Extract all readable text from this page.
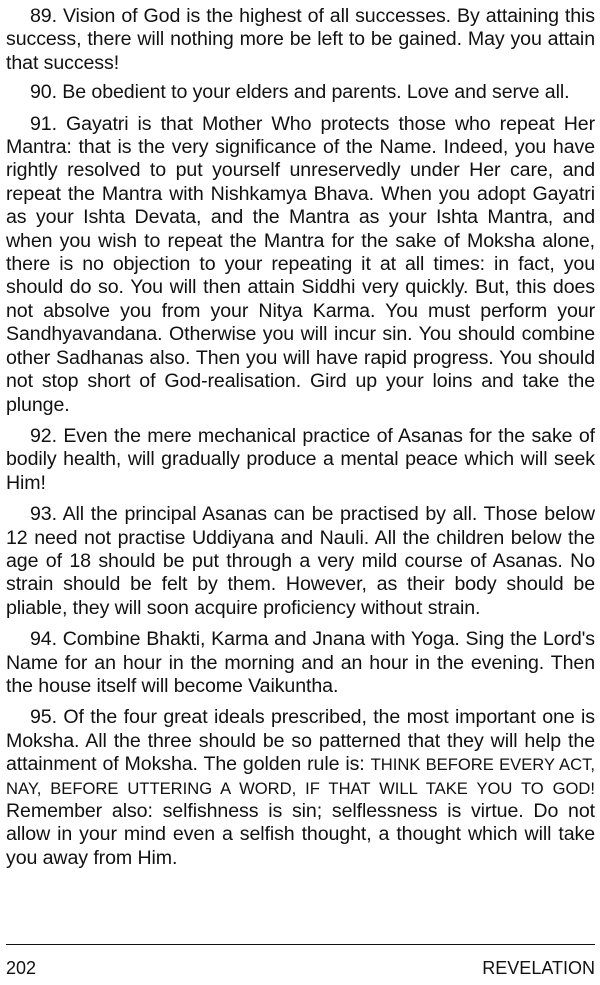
89. Vision of God is the highest of all successes. By attaining this success, there will nothing more be left to be gained. May you attain that success!

90. Be obedient to your elders and parents. Love and serve all.

91. Gayatri is that Mother Who protects those who repeat Her Mantra: that is the very significance of the Name. Indeed, you have rightly resolved to put yourself unreservedly under Her care, and repeat the Mantra with Nishkamya Bhava. When you adopt Gayatri as your Ishta Devata, and the Mantra as your Ishta Mantra, and when you wish to repeat the Mantra for the sake of Moksha alone, there is no objection to your repeating it at all times: in fact, you should do so. You will then attain Siddhi very quickly. But, this does not absolve you from your Nitya Karma. You must perform your Sandhyavandana. Otherwise you will incur sin. You should combine other Sadhanas also. Then you will have rapid progress. You should not stop short of God-realisation. Gird up your loins and take the plunge.

92. Even the mere mechanical practice of Asanas for the sake of bodily health, will gradually produce a mental peace which will seek Him!

93. All the principal Asanas can be practised by all. Those below 12 need not practise Uddiyana and Nauli. All the children below the age of 18 should be put through a very mild course of Asanas. No strain should be felt by them. However, as their body should be pliable, they will soon acquire proficiency without strain.

94. Combine Bhakti, Karma and Jnana with Yoga. Sing the Lord's Name for an hour in the morning and an hour in the evening. Then the house itself will become Vaikuntha.

95. Of the four great ideals prescribed, the most important one is Moksha. All the three should be so patterned that they will help the attainment of Moksha. The golden rule is: THINK BEFORE EVERY ACT, NAY, BEFORE UTTERING A WORD, IF THAT WILL TAKE YOU TO GOD! Remember also: selfishness is sin; selflessness is virtue. Do not allow in your mind even a selfish thought, a thought which will take you away from Him.

202	REVELATION
